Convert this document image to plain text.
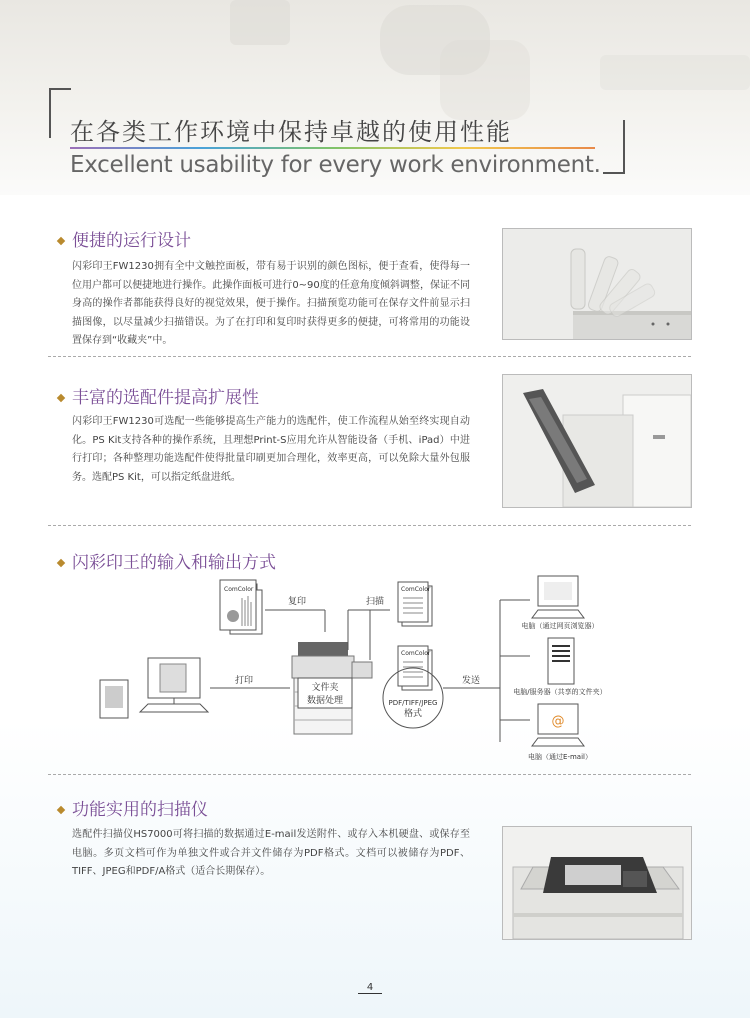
在各类工作环境中保持卓越的使用性能
Excellent usability for every work environment.
便捷的运行设计
闪彩印王FW1230拥有全中文触控面板，带有易于识别的颜色图标，便于查看，使得每一位用户都可以便捷地进行操作。此操作面板可进行0~90度的任意角度倾斜调整，保证不同身高的操作者都能获得良好的视觉效果，便于操作。扫描预览功能可在保存文件前显示扫描图像，以尽量减少扫描错误。为了在打印和复印时获得更多的便捷，可将常用的功能设置保存到“收藏夹”中。
丰富的选配件提高扩展性
闪彩印王FW1230可选配一些能够提高生产能力的选配件，使工作流程从始至终实现自动化。PS Kit支持各种的操作系统，且理想Print-S应用允许从智能设备（手机、iPad）中进行打印；各种整理功能选配件使得批量印刷更加合理化，效率更高，可以免除大量外包服务。选配PS Kit，可以指定纸盘进纸。
闪彩印王的输入和输出方式
ComColor
复印
打印
文件夹
数据处理
扫描
ComColor
ComColor
PDF/TIFF/JPEG
格式
发送
电脑（通过网页浏览器）
电脑/服务器（共享的文件夹）
@
电脑（通过E-mail）
功能实用的扫描仪
选配件扫描仪HS7000可将扫描的数据通过E-mail发送附件、或存入本机硬盘、或保存至电脑。多页文档可作为单独文件或合并文件储存为PDF格式。文档可以被储存为PDF、TIFF、JPEG和PDF/A格式（适合长期保存）。
4
